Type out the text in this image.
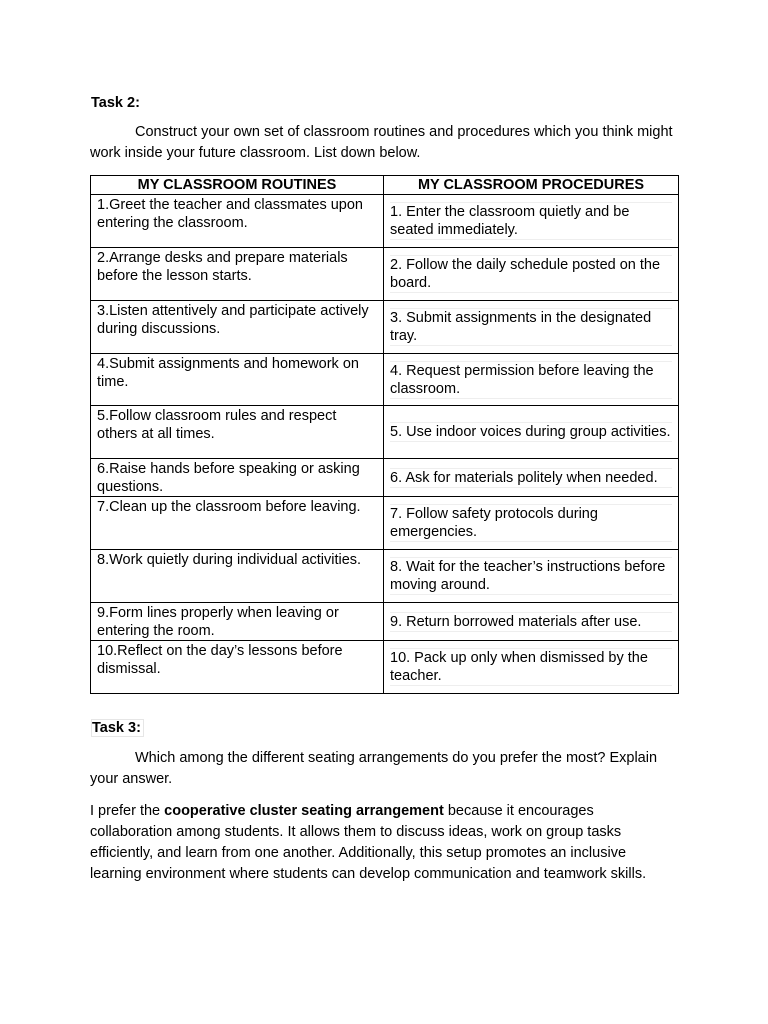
Task 2:
Construct your own set of classroom routines and procedures which you think might work inside your future classroom. List down below.
MY CLASSROOM ROUTINES	MY CLASSROOM PROCEDURES
1.Greet the teacher and classmates upon entering the classroom.	1. Enter the classroom quietly and be seated immediately.

2.Arrange desks and prepare materials before the lesson starts.	2. Follow the daily schedule posted on the board.

3.Listen attentively and participate actively during discussions.	3. Submit assignments in the designated tray.

4.Submit assignments and homework on time.	4. Request permission before leaving the classroom.

5.Follow classroom rules and respect others at all times.	5. Use indoor voices during group activities.

6.Raise hands before speaking or asking questions.	6. Ask for materials politely when needed.

7.Clean up the classroom before leaving.	7. Follow safety protocols during emergencies.

8.Work quietly during individual activities.	8. Wait for the teacher’s instructions before moving around.

9.Form lines properly when leaving or entering the room.	9. Return borrowed materials after use.

10.Reflect on the day’s lessons before dismissal.	10. Pack up only when dismissed by the teacher.
Task 3:
Which among the different seating arrangements do you prefer the most? Explain your answer.
I prefer the cooperative cluster seating arrangement because it encourages collaboration among students. It allows them to discuss ideas, work on group tasks efficiently, and learn from one another. Additionally, this setup promotes an inclusive learning environment where students can develop communication and teamwork skills.
